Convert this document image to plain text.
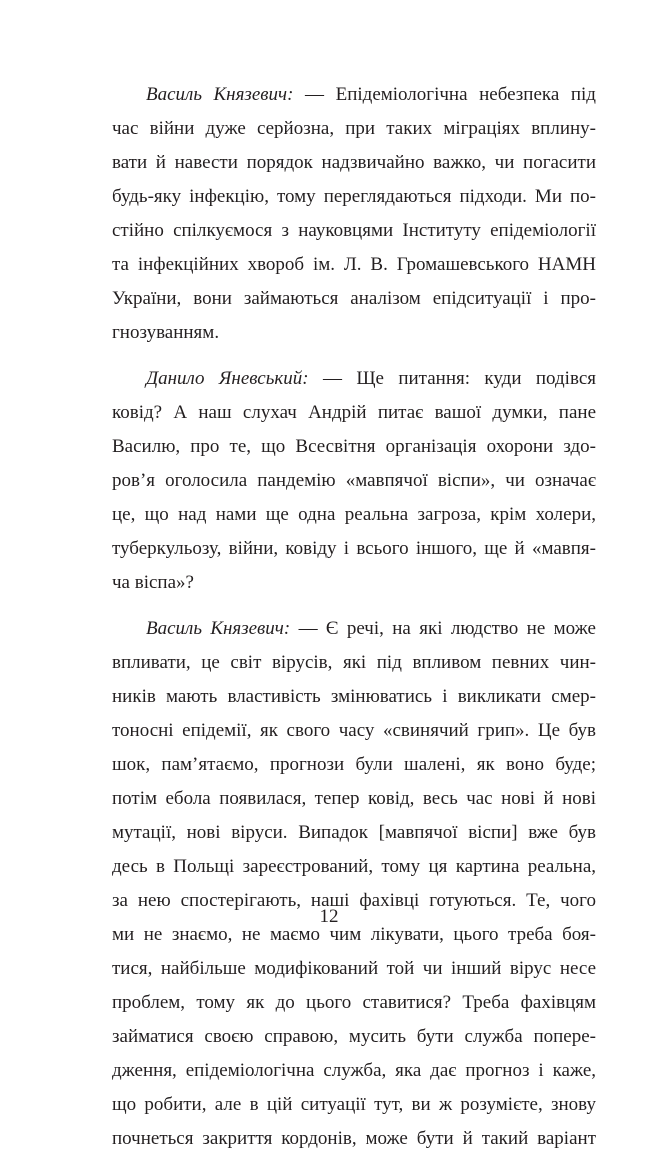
Василь Князевич: — Епідеміологічна небезпека під
час війни дуже серйозна, при таких міграціях вплину-
вати й навести порядок надзвичайно важко, чи погасити
будь-яку інфекцію, тому переглядаються підходи. Ми по-
стійно спілкуємося з науковцями Інституту епідеміології
та інфекційних хвороб ім. Л. В. Громашевського НАМН
України, вони займаються аналізом епідситуації і про-
гнозуванням.

Данило Яневський: — Ще питання: куди подівся
ковід? А наш слухач Андрій питає вашої думки, пане
Василю, про те, що Всесвітня організація охорони здо-
ров’я оголосила пандемію «мавпячої віспи», чи означає
це, що над нами ще одна реальна загроза, крім холери,
туберкульозу, війни, ковіду і всього іншого, ще й «мавпя-
ча віспа»?

Василь Князевич: — Є речі, на які людство не може
впливати, це світ вірусів, які під впливом певних чин-
ників мають властивість змінюватись і викликати смер-
тоносні епідемії, як свого часу «свинячий грип». Це був
шок, пам’ятаємо, прогнози були шалені, як воно буде;
потім ебола появилася, тепер ковід, весь час нові й нові
мутації, нові віруси. Випадок [мавпячої віспи] вже був
десь в Польщі зареєстрований, тому ця картина реальна,
за нею спостерігають, наші фахівці готуються. Те, чого
ми не знаємо, не маємо чим лікувати, цього треба боя-
тися, найбільше модифікований той чи інший вірус несе
проблем, тому як до цього ставитися? Треба фахівцям
займатися своєю справою, мусить бути служба попере-
дження, епідеміологічна служба, яка дає прогноз і каже,
що робити, але в цій ситуації тут, ви ж розумієте, знову
почнеться закриття кордонів, може бути й такий варіант

12
